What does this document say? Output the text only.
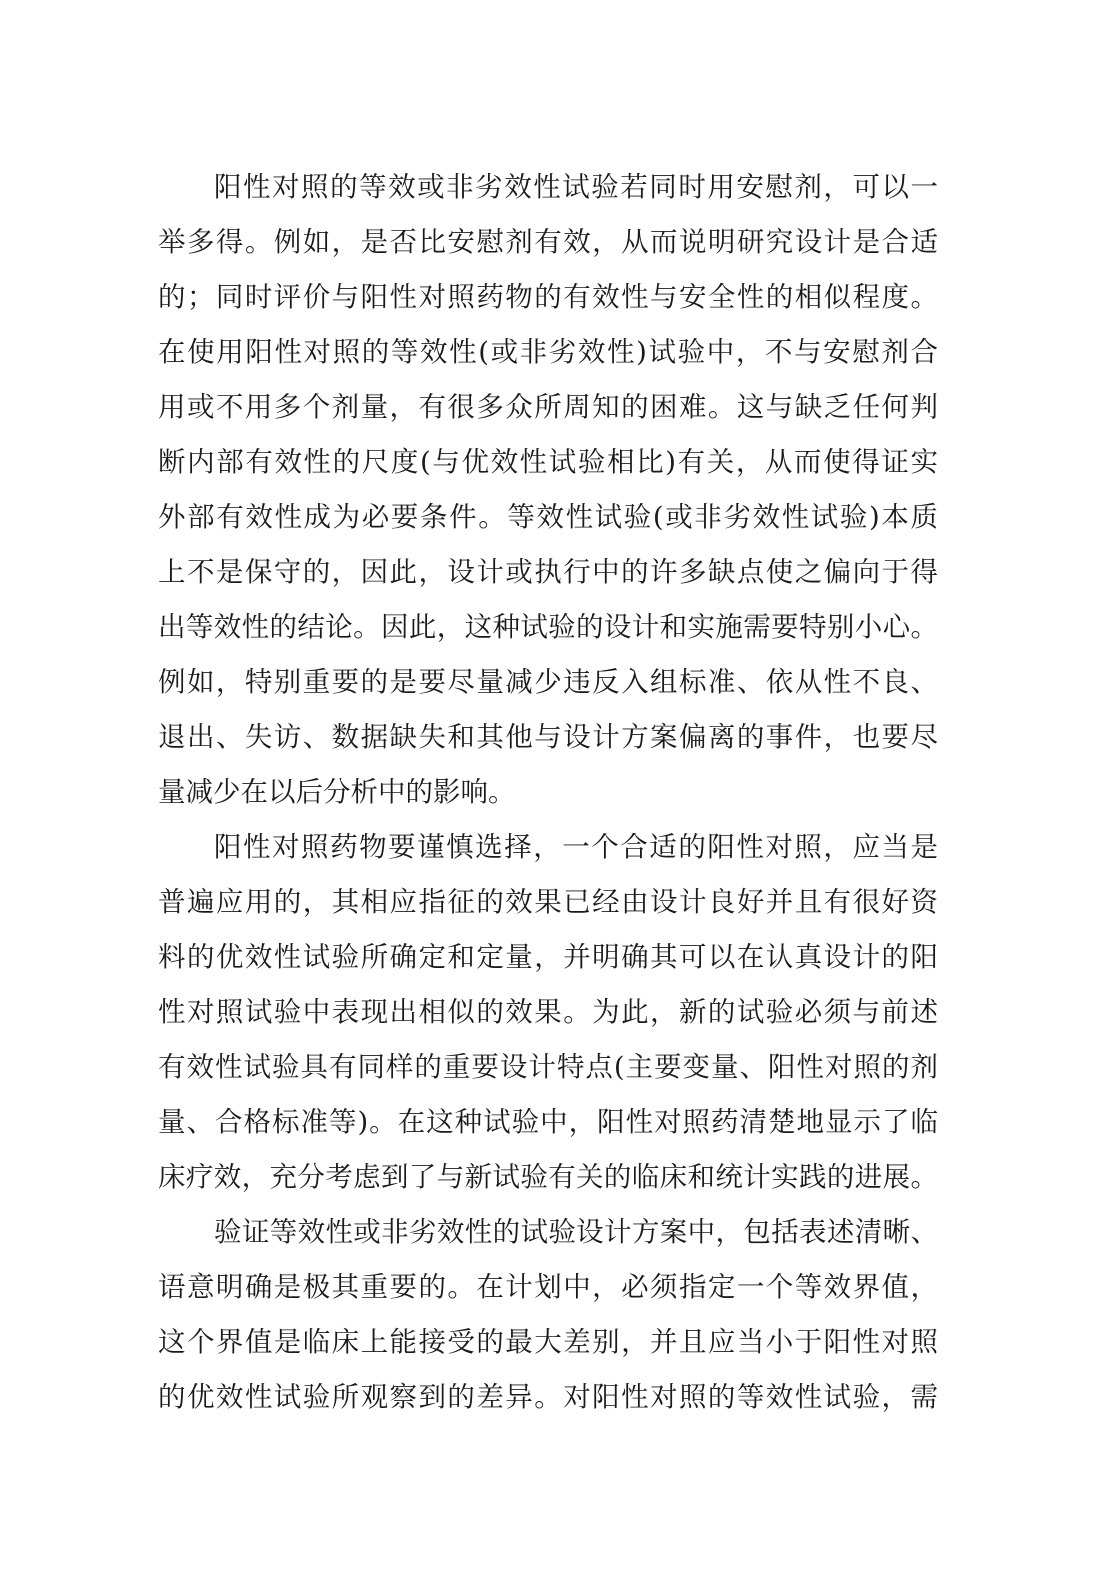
阳性对照的等效或非劣效性试验若同时用安慰剂，可以一
举多得。例如，是否比安慰剂有效，从而说明研究设计是合适
的；同时评价与阳性对照药物的有效性与安全性的相似程度。
在使用阳性对照的等效性(或非劣效性)试验中，不与安慰剂合
用或不用多个剂量，有很多众所周知的困难。这与缺乏任何判
断内部有效性的尺度(与优效性试验相比)有关，从而使得证实
外部有效性成为必要条件。等效性试验(或非劣效性试验)本质
上不是保守的，因此，设计或执行中的许多缺点使之偏向于得
出等效性的结论。因此，这种试验的设计和实施需要特别小心。
例如，特别重要的是要尽量减少违反入组标准、依从性不良、
退出、失访、数据缺失和其他与设计方案偏离的事件，也要尽
量减少在以后分析中的影响。
阳性对照药物要谨慎选择，一个合适的阳性对照，应当是
普遍应用的，其相应指征的效果已经由设计良好并且有很好资
料的优效性试验所确定和定量，并明确其可以在认真设计的阳
性对照试验中表现出相似的效果。为此，新的试验必须与前述
有效性试验具有同样的重要设计特点(主要变量、阳性对照的剂
量、合格标准等)。在这种试验中，阳性对照药清楚地显示了临
床疗效，充分考虑到了与新试验有关的临床和统计实践的进展。
验证等效性或非劣效性的试验设计方案中，包括表述清晰、
语意明确是极其重要的。在计划中，必须指定一个等效界值，
这个界值是临床上能接受的最大差别，并且应当小于阳性对照
的优效性试验所观察到的差异。对阳性对照的等效性试验，需
